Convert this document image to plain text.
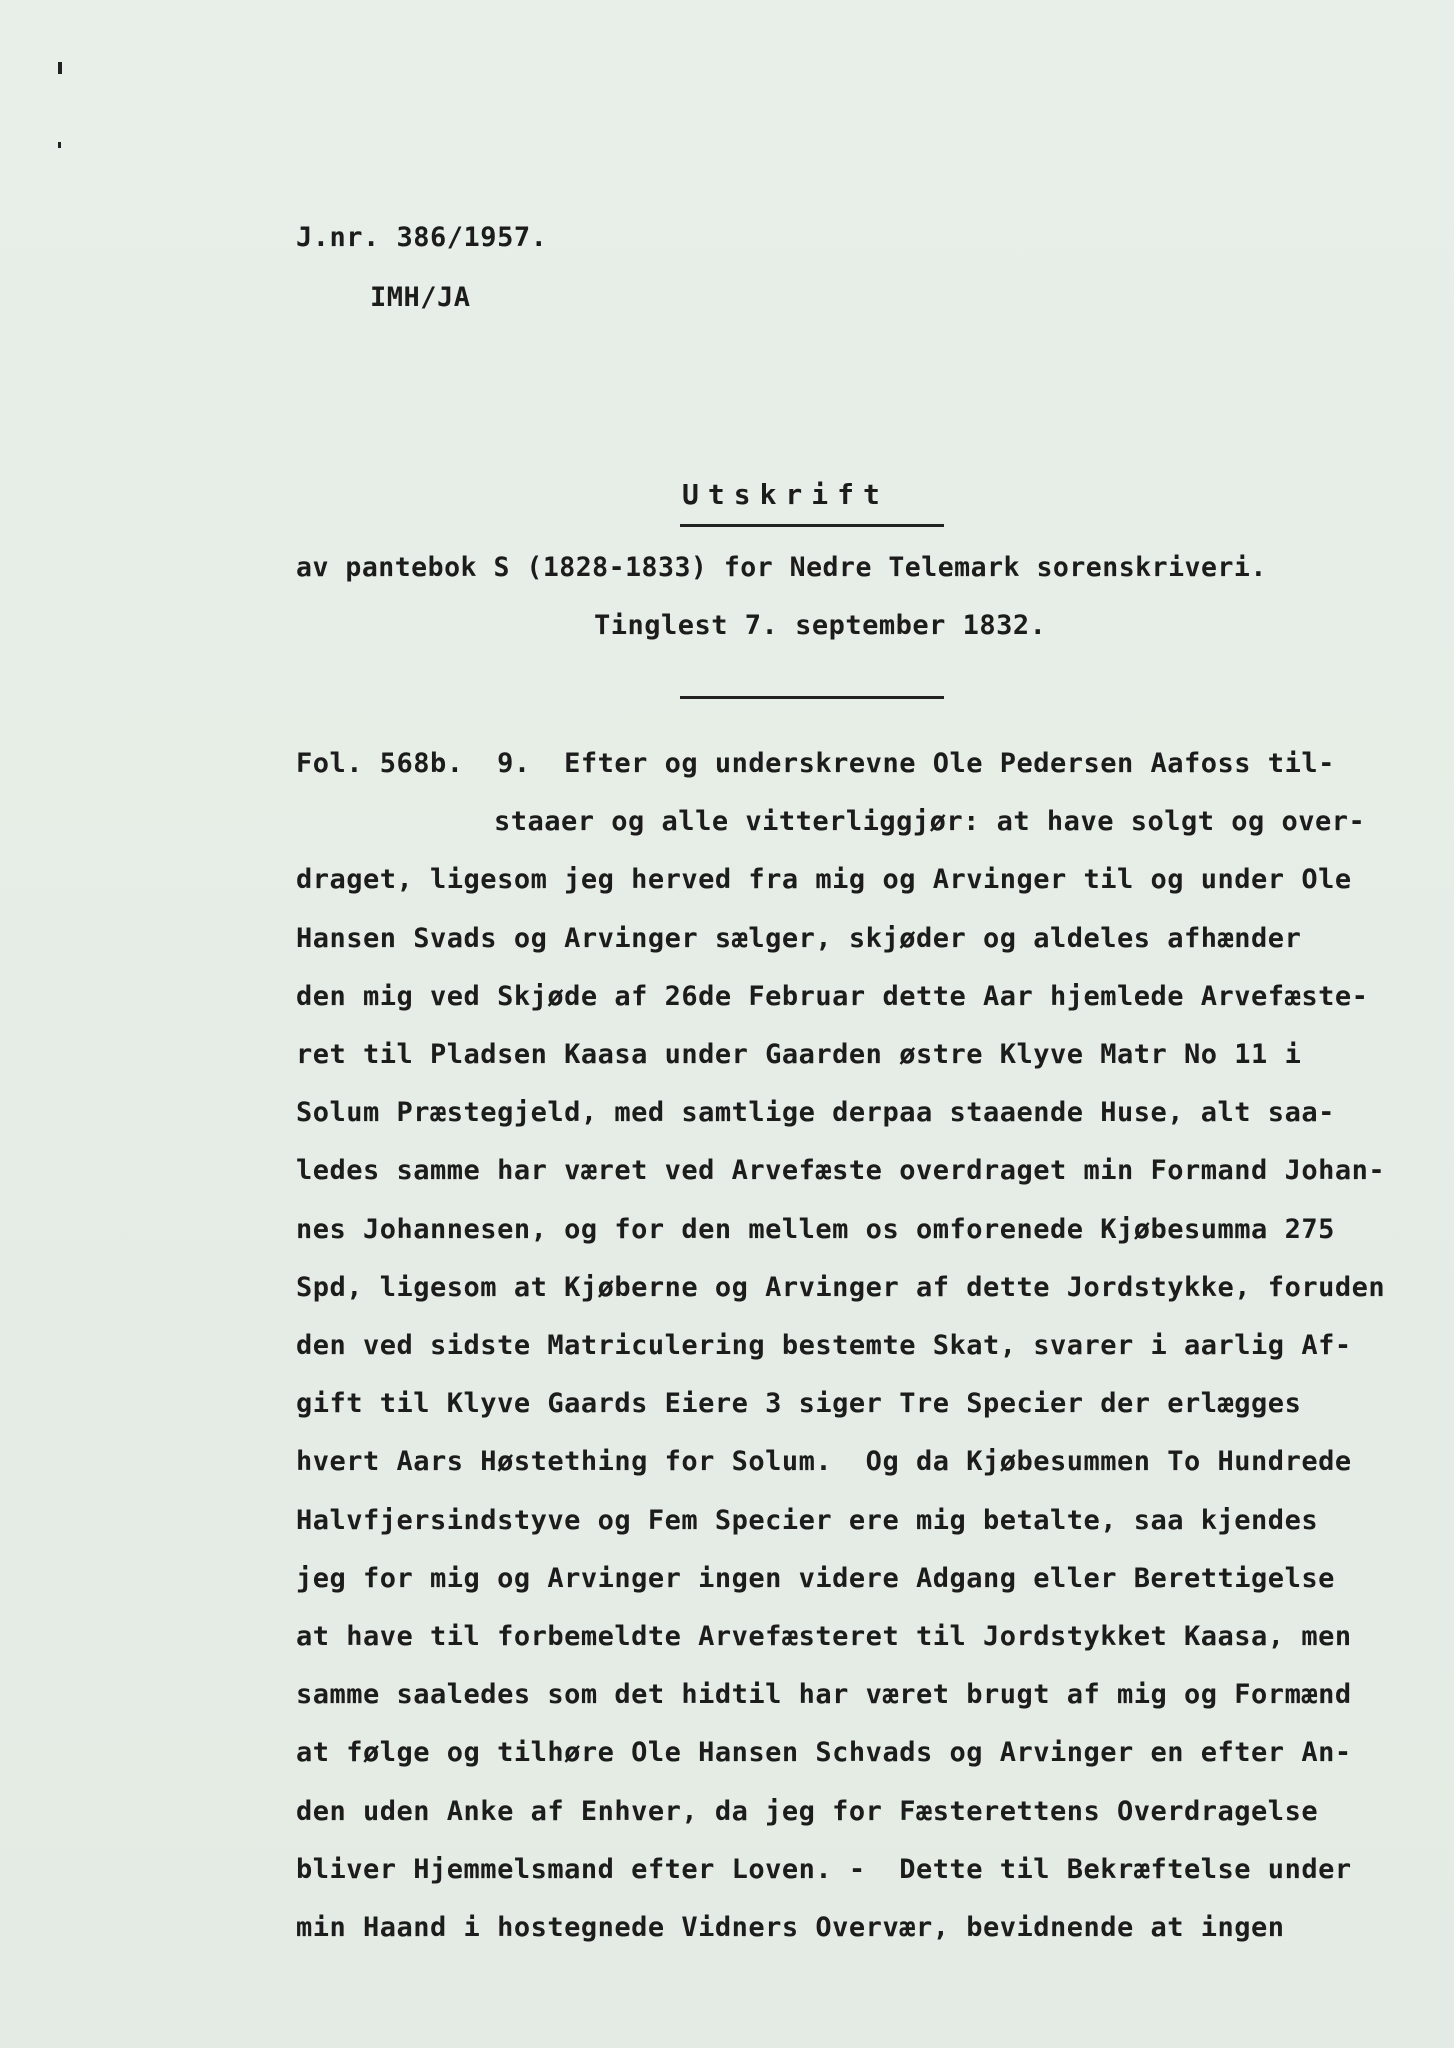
J.nr. 386/1957.
IMH/JA
Utskrift
av pantebok S (1828-1833) for Nedre Telemark sorenskriveri.
Tinglest 7. september 1832.
Fol. 568b.  9.  Efter og underskrevne Ole Pedersen Aafoss til-
staaer og alle vitterliggjør: at have solgt og over-
draget, ligesom jeg herved fra mig og Arvinger til og under Ole
Hansen Svads og Arvinger sælger, skjøder og aldeles afhænder
den mig ved Skjøde af 26de Februar dette Aar hjemlede Arvefæste-
ret til Pladsen Kaasa under Gaarden østre Klyve Matr No 11 i
Solum Præstegjeld, med samtlige derpaa staaende Huse, alt saa-
ledes samme har været ved Arvefæste overdraget min Formand Johan-
nes Johannesen, og for den mellem os omforenede Kjøbesumma 275
Spd, ligesom at Kjøberne og Arvinger af dette Jordstykke, foruden
den ved sidste Matriculering bestemte Skat, svarer i aarlig Af-
gift til Klyve Gaards Eiere 3 siger Tre Specier der erlægges
hvert Aars Høstething for Solum.  Og da Kjøbesummen To Hundrede
Halvfjersindstyve og Fem Specier ere mig betalte, saa kjendes
jeg for mig og Arvinger ingen videre Adgang eller Berettigelse
at have til forbemeldte Arvefæsteret til Jordstykket Kaasa, men
samme saaledes som det hidtil har været brugt af mig og Formænd
at følge og tilhøre Ole Hansen Schvads og Arvinger en efter An-
den uden Anke af Enhver, da jeg for Fæsterettens Overdragelse
bliver Hjemmelsmand efter Loven. -  Dette til Bekræftelse under
min Haand i hostegnede Vidners Overvær, bevidnende at ingen
